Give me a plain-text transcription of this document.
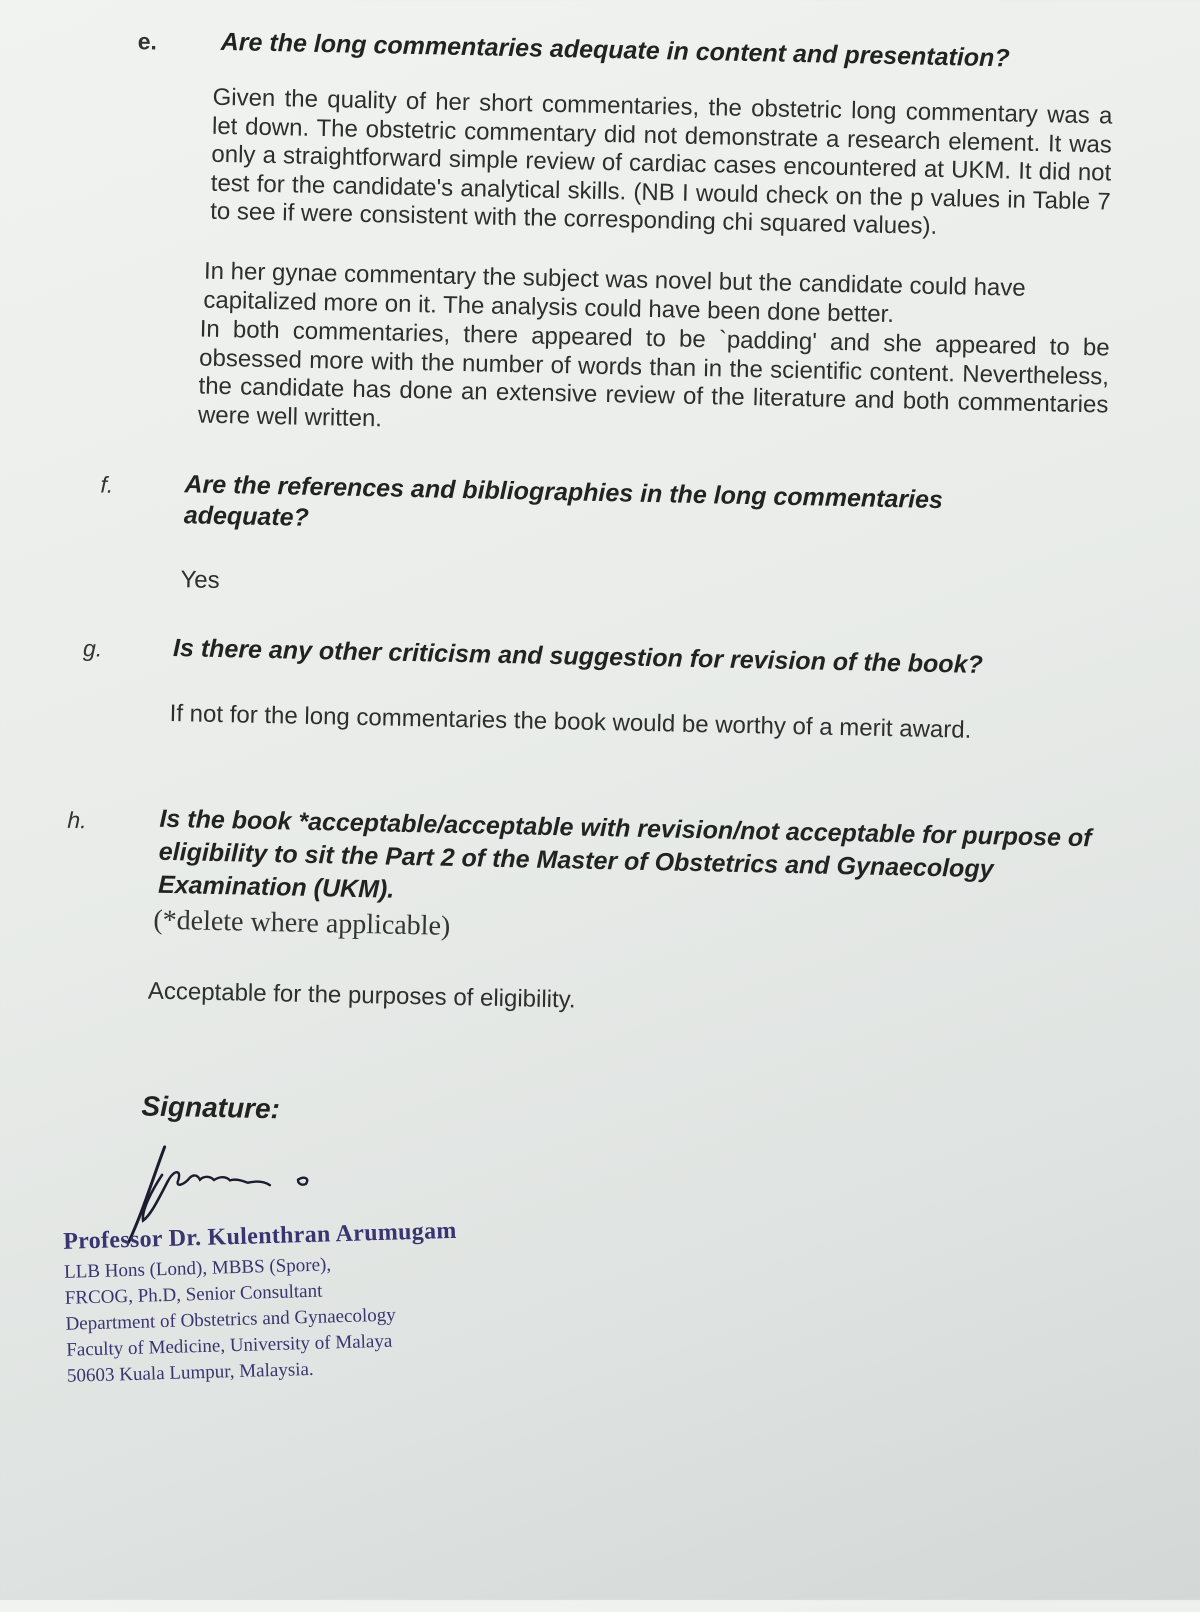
e.	Are the long commentaries adequate in content and presentation?
Given the quality of her short commentaries, the obstetric long commentary was a let down. The obstetric commentary did not demonstrate a research element. It was only a straightforward simple review of cardiac cases encountered at UKM. It did not test for the candidate's analytical skills. (NB I would check on the p values in Table 7 to see if were consistent with the corresponding chi squared values).
In her gynae commentary the subject was novel but the candidate could have capitalized more on it. The analysis could have been done better.
In both commentaries, there appeared to be `padding' and she appeared to be obsessed more with the number of words than in the scientific content. Nevertheless, the candidate has done an extensive review of the literature and both commentaries were well written.
f.	Are the references and bibliographies in the long commentaries adequate?
Yes
g.	Is there any other criticism and suggestion for revision of the book?
If not for the long commentaries the book would be worthy of a merit award.
h.	Is the book *acceptable/acceptable with revision/not acceptable for purpose of eligibility to sit the Part 2 of the Master of Obstetrics and Gynaecology Examination (UKM).
(*delete where applicable)
Acceptable for the purposes of eligibility.
Signature:
Professor Dr. Kulenthran Arumugam
LLB Hons (Lond), MBBS (Spore),
FRCOG, Ph.D, Senior Consultant
Department of Obstetrics and Gynaecology
Faculty of Medicine, University of Malaya
50603 Kuala Lumpur, Malaysia.
